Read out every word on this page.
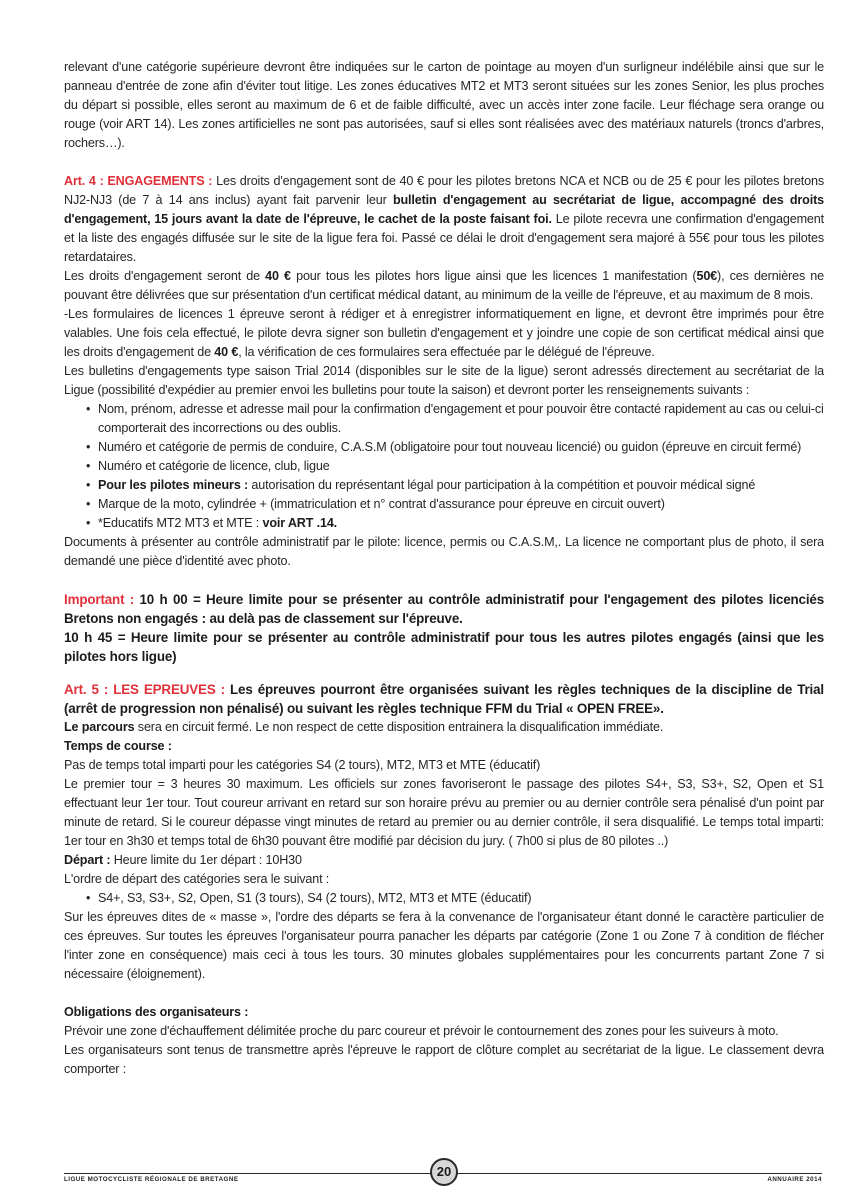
relevant d'une catégorie supérieure devront être indiquées sur le carton de pointage au moyen d'un surligneur indélébile ainsi que sur le panneau d'entrée de zone afin d'éviter tout litige. Les zones éducatives MT2 et MT3 seront situées sur les zones Senior, les plus proches du départ si possible, elles seront au maximum de 6 et de faible difficulté, avec un accès inter zone facile. Leur fléchage sera orange ou rouge (voir ART 14). Les zones artificielles ne sont pas autorisées, sauf si elles sont réalisées avec des matériaux naturels (troncs d'arbres, rochers…).

Art. 4 : ENGAGEMENTS : Les droits d'engagement sont de 40 € pour les pilotes bretons NCA et NCB ou de 25 € pour les pilotes bretons NJ2-NJ3 (de 7 à 14 ans inclus) ayant fait parvenir leur bulletin d'engagement au secrétariat de ligue, accompagné des droits d'engagement, 15 jours avant la date de l'épreuve, le cachet de la poste faisant foi. Le pilote recevra une confirmation d'engagement et la liste des engagés diffusée sur le site de la ligue fera foi. Passé ce délai le droit d'engagement sera majoré à 55€ pour tous les pilotes retardataires.

Les droits d'engagement seront de 40 € pour tous les pilotes hors ligue ainsi que les licences 1 manifestation (50€), ces dernières ne pouvant être délivrées que sur présentation d'un certificat médical datant, au minimum de la veille de l'épreuve, et au maximum de 8 mois.

-Les formulaires de licences 1 épreuve seront à rédiger et à enregistrer informatiquement en ligne, et devront être imprimés pour être valables. Une fois cela effectué, le pilote devra signer son bulletin d'engagement et y joindre une copie de son certificat médical ainsi que les droits d'engagement de 40 €, la vérification de ces formulaires sera effectuée par le délégué de l'épreuve.

Les bulletins d'engagements type saison Trial 2014 (disponibles sur le site de la ligue) seront adressés directement au secrétariat de la Ligue (possibilité d'expédier au premier envoi les bulletins pour toute la saison) et devront porter les renseignements suivants :

• Nom, prénom, adresse et adresse mail pour la confirmation d'engagement et pour pouvoir être contacté rapidement au cas ou celui-ci comporterait des incorrections ou des oublis.
• Numéro et catégorie de permis de conduire, C.A.S.M (obligatoire pour tout nouveau licencié) ou guidon (épreuve en circuit fermé)
• Numéro et catégorie de licence, club, ligue
• Pour les pilotes mineurs : autorisation du représentant légal pour participation à la compétition et pouvoir médical signé
• Marque de la moto, cylindrée + (immatriculation et n° contrat d'assurance pour épreuve en circuit ouvert)
• *Educatifs MT2 MT3 et MTE : voir ART .14.

Documents à présenter au contrôle administratif par le pilote: licence, permis ou C.A.S.M,. La licence ne comportant plus de photo, il sera demandé une pièce d'identité avec photo.

Important : 10 h 00 = Heure limite pour se présenter au contrôle administratif pour l'engagement des pilotes licenciés Bretons non engagés : au delà pas de classement sur l'épreuve.

10 h 45 = Heure limite pour se présenter au contrôle administratif pour tous les autres pilotes engagés (ainsi que les pilotes hors ligue)

Art. 5 : LES EPREUVES : Les épreuves pourront être organisées suivant les règles techniques de la discipline de Trial (arrêt de progression non pénalisé) ou suivant les règles technique FFM du Trial « OPEN FREE».

Le parcours sera en circuit fermé. Le non respect de cette disposition entrainera la disqualification immédiate.

Temps de course :

Pas de temps total imparti pour les catégories S4 (2 tours), MT2, MT3 et MTE (éducatif)

Le premier tour = 3 heures 30 maximum. Les officiels sur zones favoriseront le passage des pilotes S4+, S3, S3+, S2, Open et S1 effectuant leur 1er tour. Tout coureur arrivant en retard sur son horaire prévu au premier ou au dernier contrôle sera pénalisé d'un point par minute de retard. Si le coureur dépasse vingt minutes de retard au premier ou au dernier contrôle, il sera disqualifié. Le temps total imparti: 1er tour en 3h30 et temps total de 6h30 pouvant être modifié par décision du jury. ( 7h00 si plus de 80 pilotes ..)

Départ : Heure limite du 1er départ : 10H30

L'ordre de départ des catégories sera le suivant :

• S4+, S3, S3+, S2, Open, S1 (3 tours), S4 (2 tours), MT2, MT3 et MTE (éducatif)

Sur les épreuves dites de « masse », l'ordre des départs se fera à la convenance de l'organisateur étant donné le caractère particulier de ces épreuves. Sur toutes les épreuves l'organisateur pourra panacher les départs par catégorie (Zone 1 ou Zone 7 à condition de flécher l'inter zone en conséquence) mais ceci à tous les tours. 30 minutes globales supplémentaires pour les concurrents partant Zone 7 si nécessaire (éloignement).

Obligations des organisateurs :

Prévoir une zone d'échauffement délimitée proche du parc coureur et prévoir le contournement des zones pour les suiveurs à moto.

Les organisateurs sont tenus de transmettre après l'épreuve le rapport de clôture complet au secrétariat de la ligue. Le classement devra comporter :

LIGUE MOTOCYCLISTE RÉGIONALE DE BRETAGNE
20
ANNUAIRE 2014
